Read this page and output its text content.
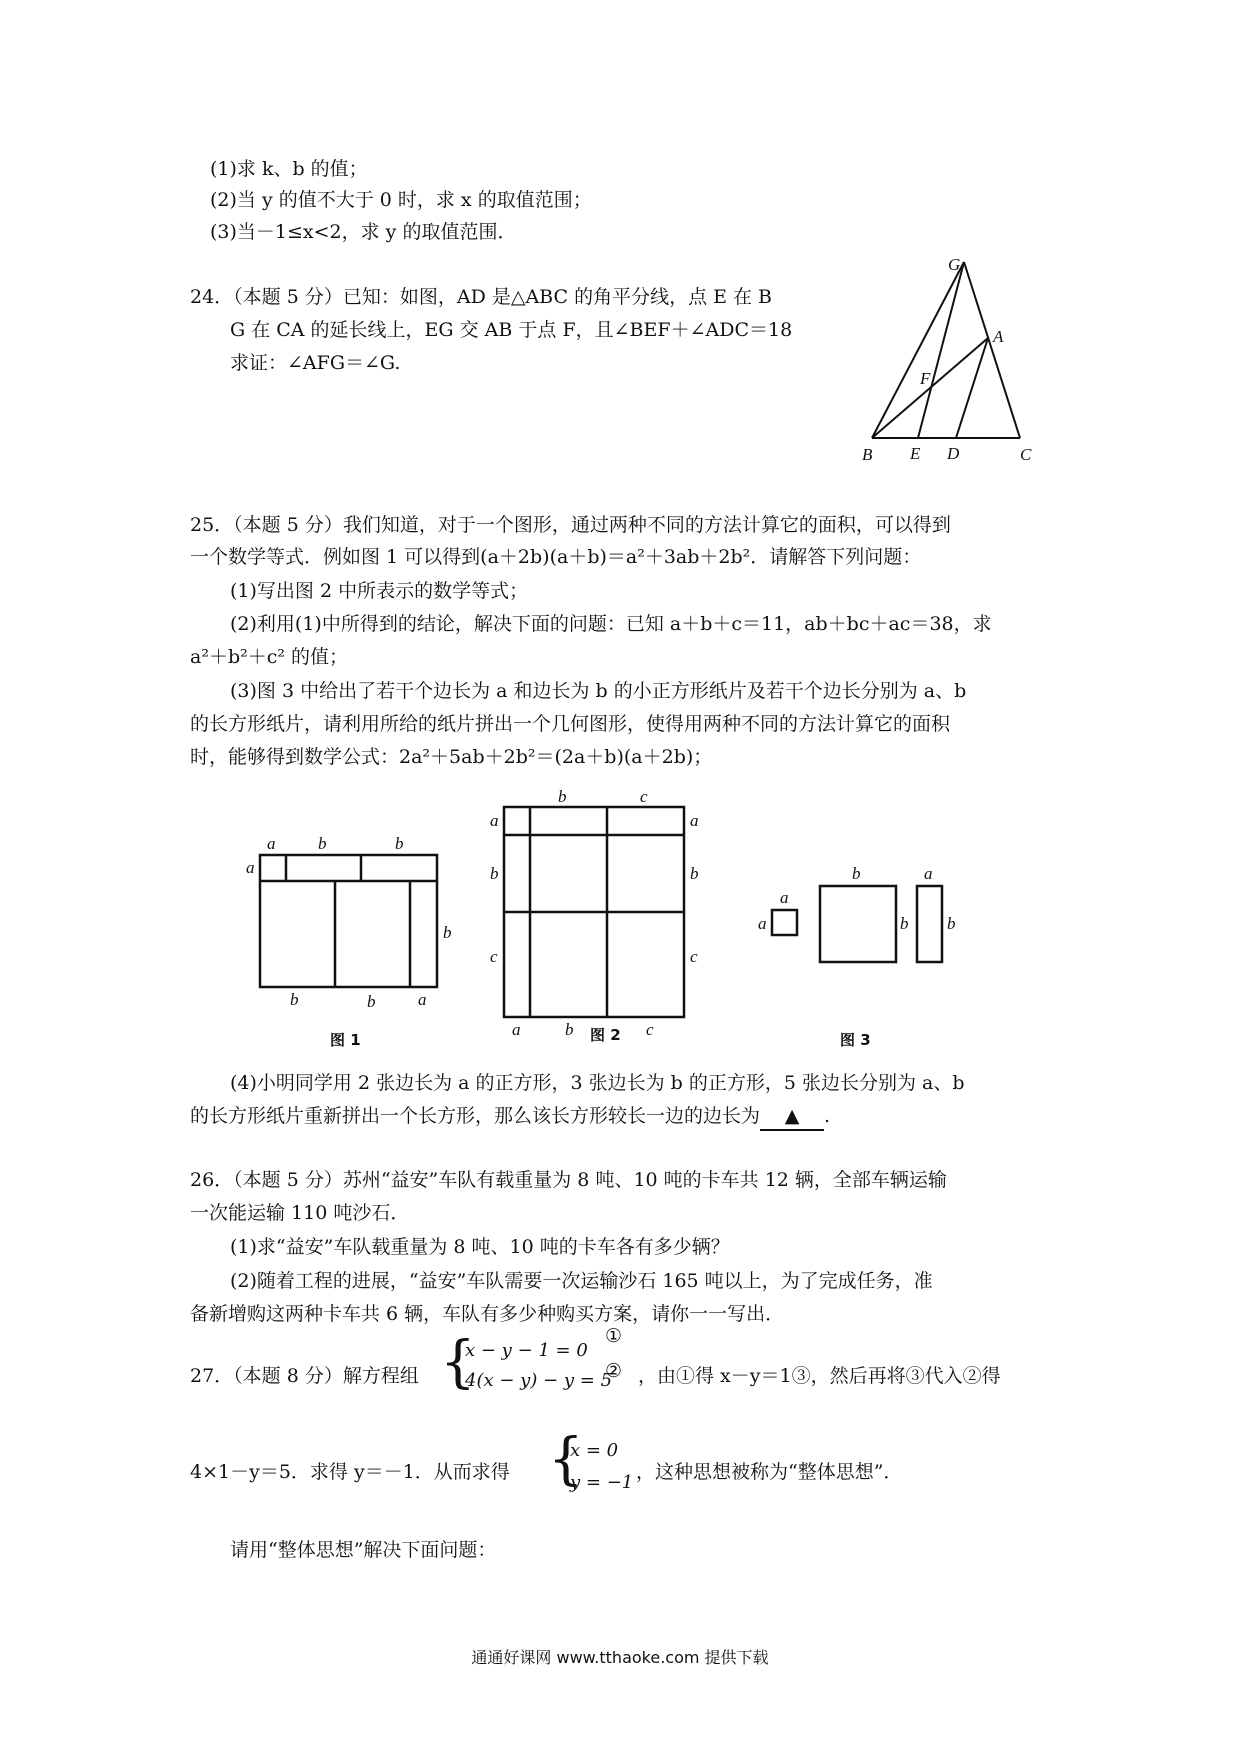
(1)求 k、b 的值；
(2)当 y 的值不大于 0 时，求 x 的取值范围；
(3)当－1≤x<2，求 y 的取值范围．
24．（本题 5 分）已知：如图，AD 是△ABC 的角平分线，点 E 在 B
G 在 CA 的延长线上，EG 交 AB 于点 F，且∠BEF＋∠ADC＝18
求证：∠AFG＝∠G.
G
A
F
B E D	C
25．（本题 5 分）我们知道，对于一个图形，通过两种不同的方法计算它的面积，可以得到
一个数学等式．例如图 1 可以得到(a＋2b)(a＋b)＝a²＋3ab＋2b²．请解答下列问题：
(1)写出图 2 中所表示的数学等式；
(2)利用(1)中所得到的结论，解决下面的问题：已知 a＋b＋c＝11，ab＋bc＋ac＝38，求
a²＋b²＋c² 的值；
(3)图 3 中给出了若干个边长为 a 和边长为 b 的小正方形纸片及若干个边长分别为 a、b
的长方形纸片，请利用所给的纸片拼出一个几何图形，使得用两种不同的方法计算它的面积
时，能够得到数学公式：2a²＋5ab＋2b²＝(2a＋b)(a＋2b)；
a	b	b
a
b
b	b	a
图 1
b	c
a
b
c
a
b
c
a	b	c
图 2
a
a
b
b
a
b
图 3
(4)小明同学用 2 张边长为 a 的正方形，3 张边长为 b 的正方形，5 张边长分别为 a、b
的长方形纸片重新拼出一个长方形，那么该长方形较长一边的边长为 ▲ .
26．（本题 5 分）苏州“益安”车队有载重量为 8 吨、10 吨的卡车共 12 辆，全部车辆运输
一次能运输 110 吨沙石．
(1)求“益安”车队载重量为 8 吨、10 吨的卡车各有多少辆？
(2)随着工程的进展，“益安”车队需要一次运输沙石 165 吨以上，为了完成任务，准
备新增购这两种卡车共 6 辆，车队有多少种购买方案，请你一一写出．
27．（本题 8 分）解方程组 {
x − y − 1 = 0
4(x − y) − y = 5
①
② ，由①得 x－y＝1③，然后再将③代入②得
4×1－y＝5．求得 y＝－1．从而求得 {
x = 0
y = −1 ，这种思想被称为“整体思想”．
请用“整体思想”解决下面问题：
通通好课网 www.tthaoke.com 提供下载
